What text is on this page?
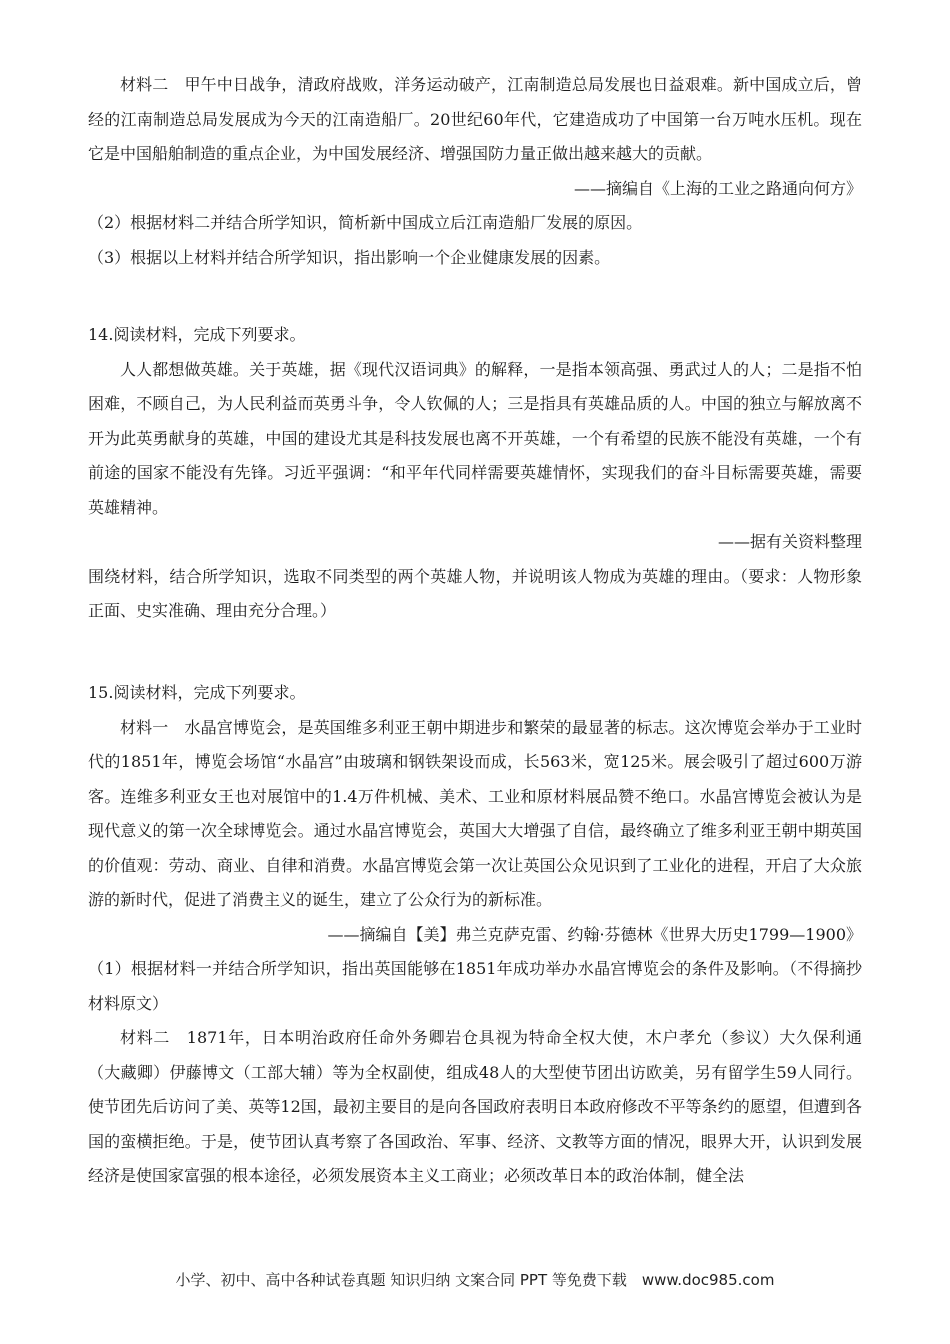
材料二　甲午中日战争，清政府战败，洋务运动破产，江南制造总局发展也日益艰难。新中国成立后，曾经的江南制造总局发展成为今天的江南造船厂。20世纪60年代，它建造成功了中国第一台万吨水压机。现在它是中国船舶制造的重点企业，为中国发展经济、增强国防力量正做出越来越大的贡献。

——摘编自《上海的工业之路通向何方》

（2）根据材料二并结合所学知识，简析新中国成立后江南造船厂发展的原因。

（3）根据以上材料并结合所学知识，指出影响一个企业健康发展的因素。

14.阅读材料，完成下列要求。

人人都想做英雄。关于英雄，据《现代汉语词典》的解释，一是指本领高强、勇武过人的人；二是指不怕困难，不顾自己，为人民利益而英勇斗争，令人钦佩的人；三是指具有英雄品质的人。中国的独立与解放离不开为此英勇献身的英雄，中国的建设尤其是科技发展也离不开英雄，一个有希望的民族不能没有英雄，一个有前途的国家不能没有先锋。习近平强调：“和平年代同样需要英雄情怀，实现我们的奋斗目标需要英雄，需要英雄精神。

——据有关资料整理

围绕材料，结合所学知识，选取不同类型的两个英雄人物，并说明该人物成为英雄的理由。（要求：人物形象正面、史实准确、理由充分合理。）

15.阅读材料，完成下列要求。

材料一　水晶宫博览会，是英国维多利亚王朝中期进步和繁荣的最显著的标志。这次博览会举办于工业时代的1851年，博览会场馆“水晶宫”由玻璃和钢铁架设而成，长563米，宽125米。展会吸引了超过600万游客。连维多利亚女王也对展馆中的1.4万件机械、美术、工业和原材料展品赞不绝口。水晶宫博览会被认为是现代意义的第一次全球博览会。通过水晶宫博览会，英国大大增强了自信，最终确立了维多利亚王朝中期英国的价值观：劳动、商业、自律和消费。水晶宫博览会第一次让英国公众见识到了工业化的进程，开启了大众旅游的新时代，促进了消费主义的诞生，建立了公众行为的新标准。

——摘编自【美】弗兰克萨克雷、约翰·芬德林《世界大历史1799—1900》

（1）根据材料一并结合所学知识，指出英国能够在1851年成功举办水晶宫博览会的条件及影响。（不得摘抄材料原文）

材料二　1871年，日本明治政府任命外务卿岩仓具视为特命全权大使，木户孝允（参议）大久保利通（大藏卿）伊藤博文（工部大辅）等为全权副使，组成48人的大型使节团出访欧美，另有留学生59人同行。使节团先后访问了美、英等12国，最初主要目的是向各国政府表明日本政府修改不平等条约的愿望，但遭到各国的蛮横拒绝。于是，使节团认真考察了各国政治、军事、经济、文教等方面的情况，眼界大开，认识到发展经济是使国家富强的根本途径，必须发展资本主义工商业；必须改革日本的政治体制，健全法

小学、初中、高中各种试卷真题 知识归纳 文案合同 PPT 等免费下载　www.doc985.com
